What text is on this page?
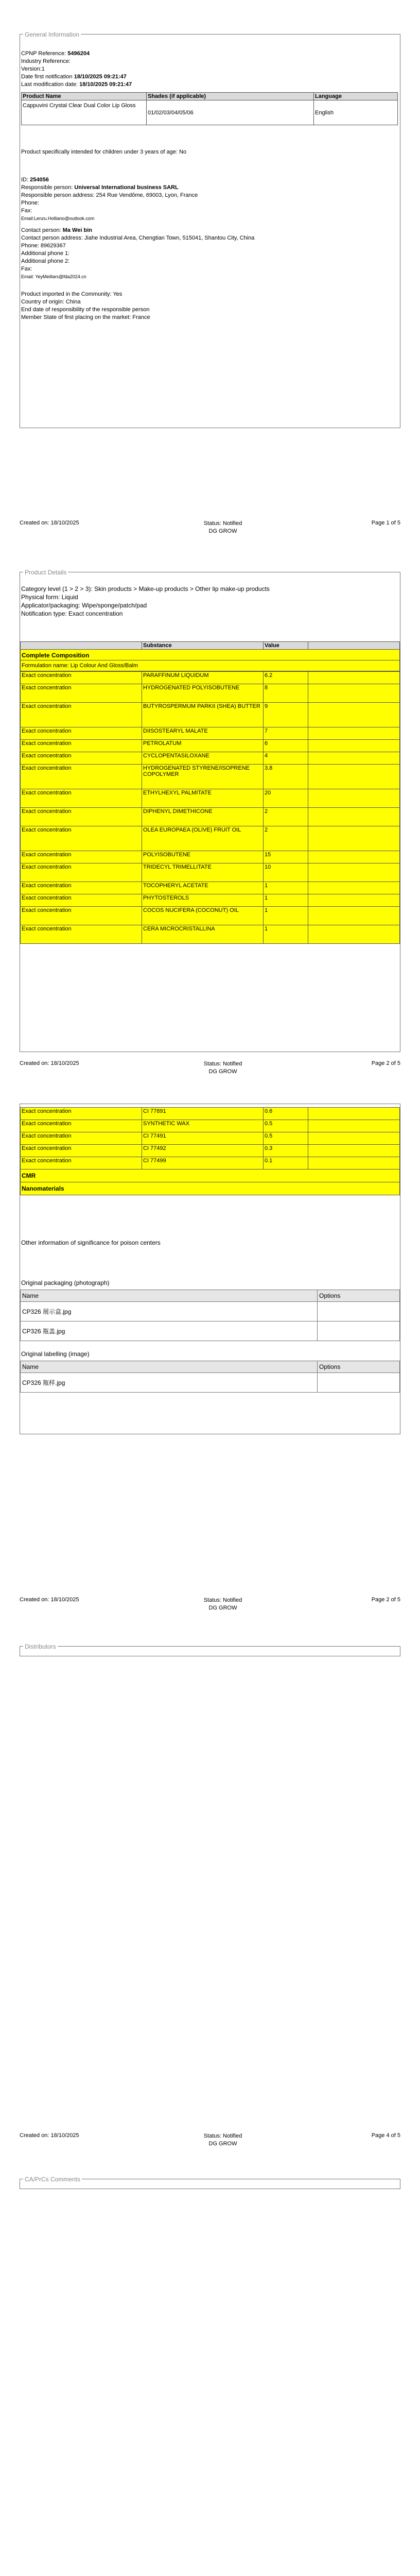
General Information
CPNP Reference: 5496204
Industry Reference:
Version:1
Date first notification 18/10/2025 09:21:47
Last modification date: 18/10/2025 09:21:47
Product Name	Shades (if applicable)	Language
Cappuvini Crystal Clear Dual Color Lip Gloss	01/02/03/04/05/06	English
Product specifically intended for children under 3 years of age: No
ID: 254056
Responsible person: Universal International business SARL
Responsible person address: 254 Rue Vendôme, 69003, Lyon, France
Phone:
Fax:
Email:Lenzu.Holliano@outlook.com
Contact person: Ma Wei bin
Contact person address: Jiahe Industrial Area, Chengtian Town, 515041, Shantou City, China
Phone: 89629367
Additional phone 1:
Additional phone 2:
Fax:
Email: YeyMeillars@fda2024.cn
Product imported in the Community: Yes
Country of origin: China
End date of responsibility of the responsible person
Member State of first placing on the market: France
Created on: 18/10/2025	Status: Notified
DG GROW
Page 1 of 5
Product Details
Category level (1 > 2 > 3): Skin products > Make-up products > Other lip make-up products
Physical form: Liquid
Applicator/packaging: Wipe/sponge/patch/pad
Notification type: Exact concentration
	Substance	Value	
Complete Composition
Formulation name: Lip Colour And Gloss/Balm
Exact concentration	PARAFFINUM LIQUIDUM	6.2	
Exact concentration	HYDROGENATED POLYISOBUTENE	8	
Exact concentration	BUTYROSPERMUM PARKII (SHEA) BUTTER	9	
Exact concentration	DIISOSTEARYL MALATE	7	
Exact concentration	PETROLATUM	6	
Exact concentration	CYCLOPENTASILOXANE	4	
Exact concentration	HYDROGENATED STYRENE/ISOPRENE COPOLYMER	3.8	
Exact concentration	ETHYLHEXYL PALMITATE	20	
Exact concentration	DIPHENYL DIMETHICONE	2	
Exact concentration	OLEA EUROPAEA (OLIVE) FRUIT OIL	2	
Exact concentration	POLYISOBUTENE	15	
Exact concentration	TRIDECYL TRIMELLITATE	10	
Exact concentration	TOCOPHERYL ACETATE	1	
Exact concentration	PHYTOSTEROLS	1	
Exact concentration	COCOS NUCIFERA (COCONUT) OIL	1	
Exact concentration	CERA MICROCRISTALLINA	1	
Created on: 18/10/2025	Status: Notified
DG GROW
Page 2 of 5
Exact concentration	CI 77891	0.6	
Exact concentration	SYNTHETIC WAX	0.5	
Exact concentration	CI 77491	0.5	
Exact concentration	CI 77492	0.3	
Exact concentration	CI 77499	0.1	
CMR
Nanomaterials
Other information of significance for poison centers
Original packaging (photograph)
Name	Options
CP326 展示盒.jpg	
CP326 瓶盖.jpg	
Original labelling (image)
Name	Options
CP326 瓶样.jpg	
Created on: 18/10/2025	Status: Notified
DG GROW
Page 2 of 5
Distributors
Created on: 18/10/2025	Status: Notified
DG GROW
Page 4 of 5
CA/PrCs Comments
